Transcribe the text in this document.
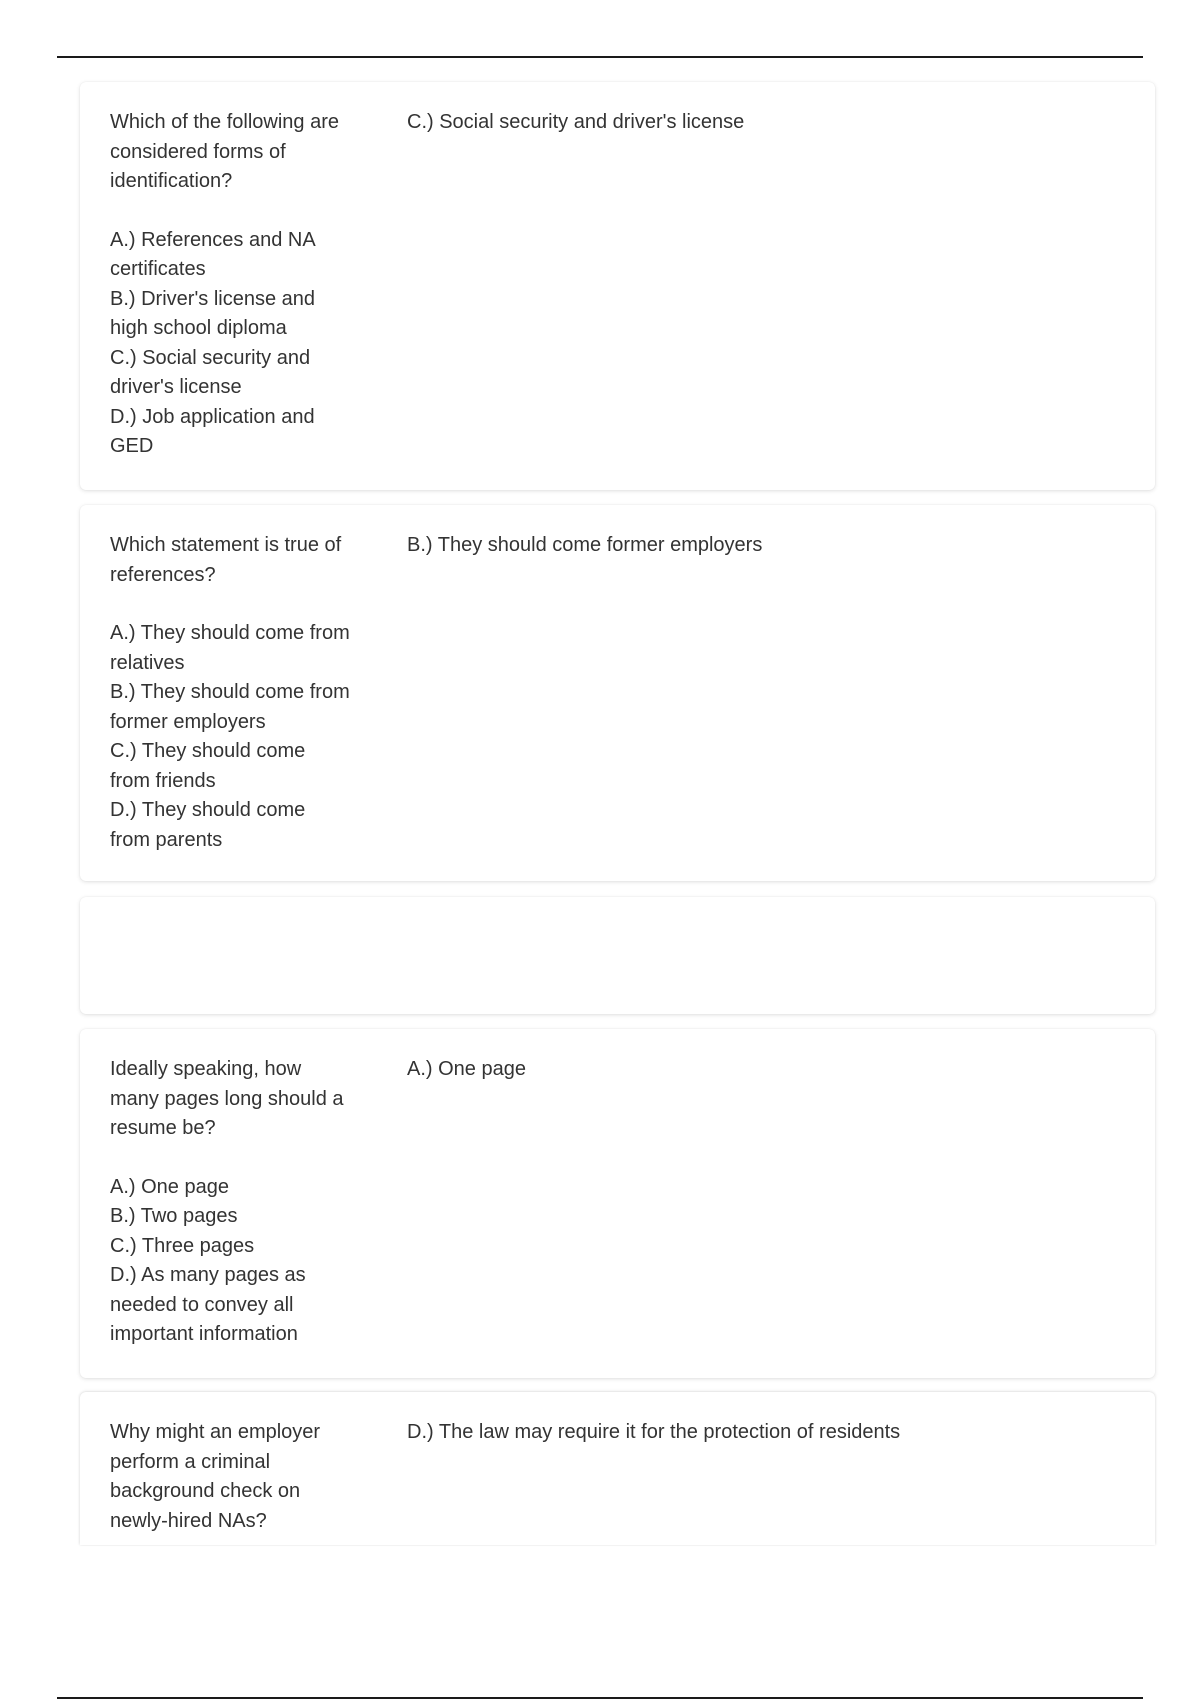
Which of the following are considered forms of identification?

A.) References and NA certificates
B.) Driver's license and high school diploma
C.) Social security and driver's license
D.) Job application and GED
C.) Social security and driver's license

Which statement is true of references?

A.) They should come from relatives
B.) They should come from former employers
C.) They should come from friends
D.) They should come from parents
B.) They should come former employers

Ideally speaking, how many pages long should a resume be?

A.) One page
B.) Two pages
C.) Three pages
D.) As many pages as needed to convey all important information
A.) One page

Why might an employer perform a criminal background check on newly-hired NAs?

D.) The law may require it for the protection of residents
